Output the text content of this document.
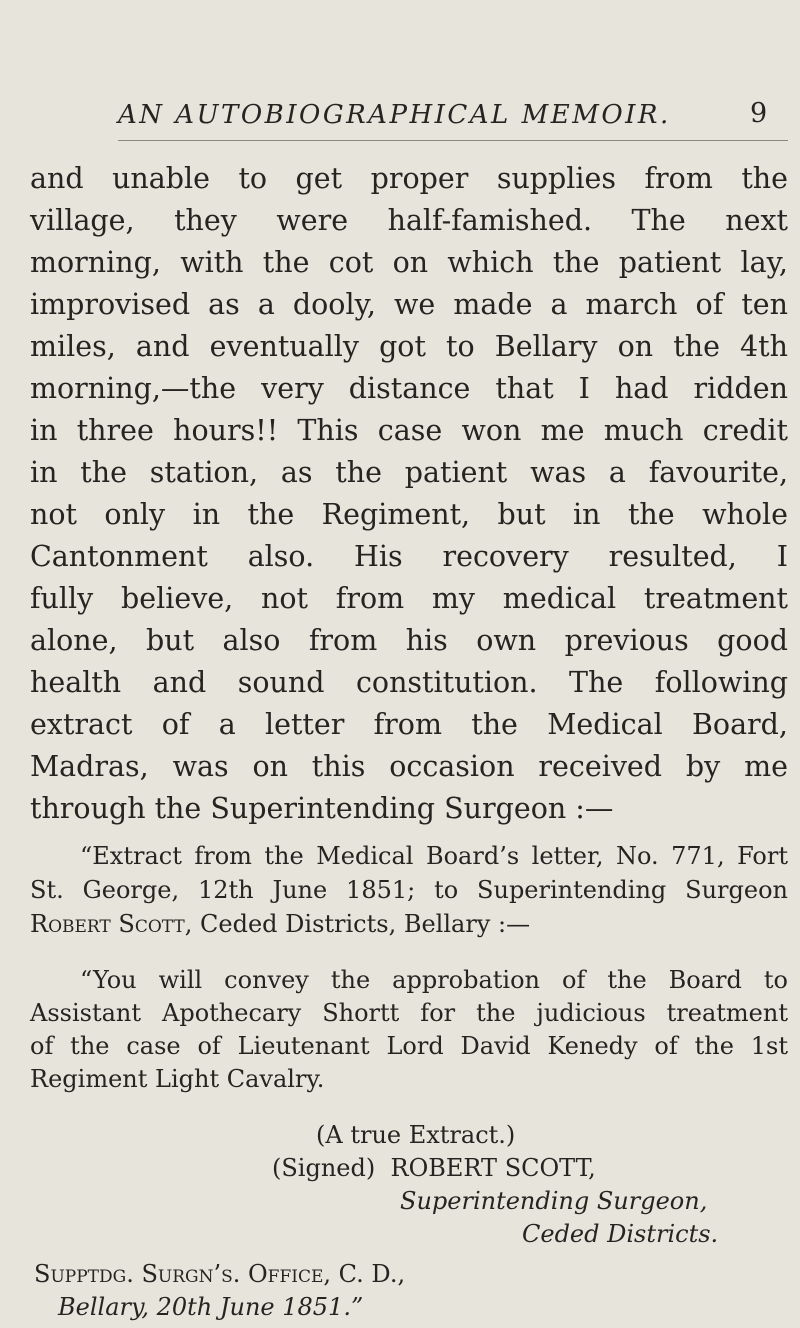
AN AUTOBIOGRAPHICAL MEMOIR.	9
and unable to get proper supplies from the
village, they were half-famished. The next
morning, with the cot on which the patient lay,
improvised as a dooly, we made a march of ten
miles, and eventually got to Bellary on the 4th
morning,—the very distance that I had ridden
in three hours!! This case won me much credit
in the station, as the patient was a favourite,
not only in the Regiment, but in the whole
Cantonment also. His recovery resulted, I
fully believe, not from my medical treatment
alone, but also from his own previous good
health and sound constitution. The following
extract of a letter from the Medical Board,
Madras, was on this occasion received by me
through the Superintending Surgeon :—
“Extract from the Medical Board’s letter, No. 771, Fort
St. George, 12th June 1851; to Superintending Surgeon
Robert Scott, Ceded Districts, Bellary :—
“You will convey the approbation of the Board to
Assistant Apothecary Shortt for the judicious treatment
of the case of Lieutenant Lord David Kenedy of the 1st
Regiment Light Cavalry.
(A true Extract.)
(Signed) ROBERT SCOTT,
Superintending Surgeon,
Ceded Districts.
Supptdg. Surgn’s. Office, C. D.,
Bellary, 20th June 1851.”
